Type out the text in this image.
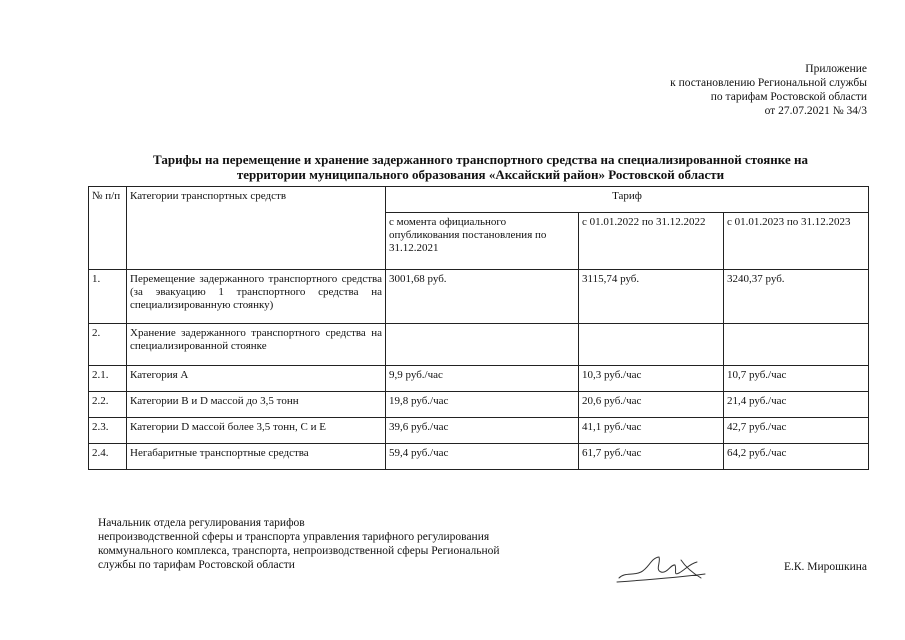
Приложение
к постановлению Региональной службы
по тарифам Ростовской области
от 27.07.2021 № 34/3
Тарифы на перемещение и хранение задержанного транспортного средства на специализированной стоянке на
территории муниципального образования «Аксайский район» Ростовской области
№ п/п	Категории транспортных средств	Тариф		
		с момента официального опубликования постановления по 31.12.2021	с 01.01.2022 по 31.12.2022	с 01.01.2023 по 31.12.2023
1.	Перемещение задержанного транспортного средства (за эвакуацию 1 транспортного средства на специализированную стоянку)	3001,68 руб.	3115,74 руб.	3240,37 руб.
2.	Хранение задержанного транспортного средства на специализированной стоянке			
2.1.	Категория А	9,9 руб./час	10,3 руб./час	10,7 руб./час
2.2.	Категории В и D массой до 3,5 тонн	19,8 руб./час	20,6 руб./час	21,4 руб./час
2.3.	Категории D массой более 3,5 тонн, С и Е	39,6 руб./час	41,1 руб./час	42,7 руб./час
2.4.	Негабаритные транспортные средства	59,4 руб./час	61,7 руб./час	64,2 руб./час
Начальник отдела регулирования тарифов
непроизводственной сферы и транспорта управления тарифного регулирования
коммунального комплекса, транспорта, непроизводственной сферы Региональной
службы по тарифам Ростовской области	Е.К. Мирошкина
